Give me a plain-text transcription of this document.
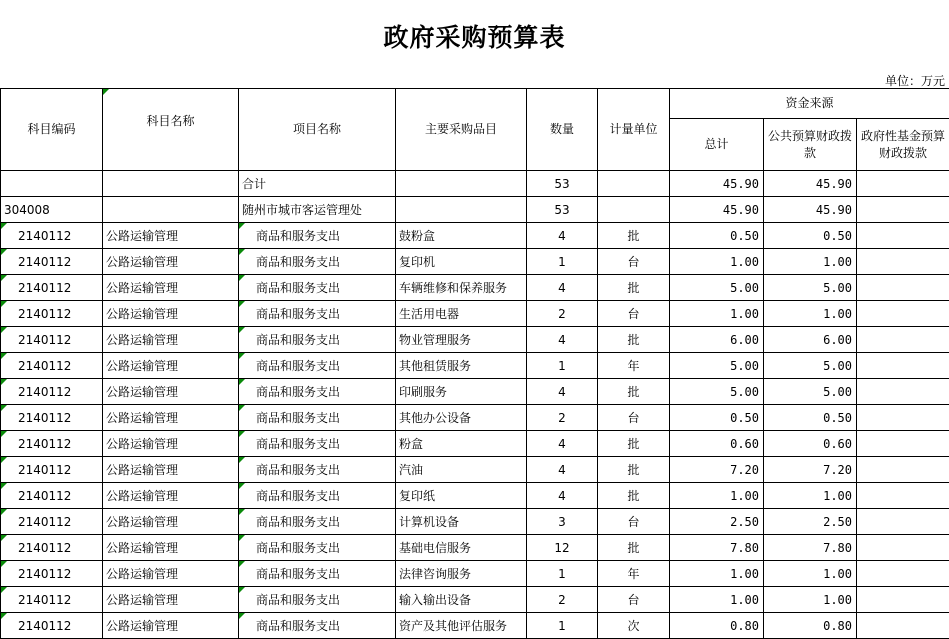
政府采购预算表
单位：万元
科目编码	科目名称	项目名称	主要采购品目	数量	计量单位	资金来源		
						总计	公共预算财政拨款	政府性基金预算财政拨款
		合计		53		45.90	45.90	
304008		随州市城市客运管理处		53		45.90	45.90	
2140112	公路运输管理	商品和服务支出	鼓粉盒	4	批	0.50	0.50	
2140112	公路运输管理	商品和服务支出	复印机	1	台	1.00	1.00	
2140112	公路运输管理	商品和服务支出	车辆维修和保养服务	4	批	5.00	5.00	
2140112	公路运输管理	商品和服务支出	生活用电器	2	台	1.00	1.00	
2140112	公路运输管理	商品和服务支出	物业管理服务	4	批	6.00	6.00	
2140112	公路运输管理	商品和服务支出	其他租赁服务	1	年	5.00	5.00	
2140112	公路运输管理	商品和服务支出	印刷服务	4	批	5.00	5.00	
2140112	公路运输管理	商品和服务支出	其他办公设备	2	台	0.50	0.50	
2140112	公路运输管理	商品和服务支出	粉盒	4	批	0.60	0.60	
2140112	公路运输管理	商品和服务支出	汽油	4	批	7.20	7.20	
2140112	公路运输管理	商品和服务支出	复印纸	4	批	1.00	1.00	
2140112	公路运输管理	商品和服务支出	计算机设备	3	台	2.50	2.50	
2140112	公路运输管理	商品和服务支出	基础电信服务	12	批	7.80	7.80	
2140112	公路运输管理	商品和服务支出	法律咨询服务	1	年	1.00	1.00	
2140112	公路运输管理	商品和服务支出	输入输出设备	2	台	1.00	1.00	
2140112	公路运输管理	商品和服务支出	资产及其他评估服务	1	次	0.80	0.80	
